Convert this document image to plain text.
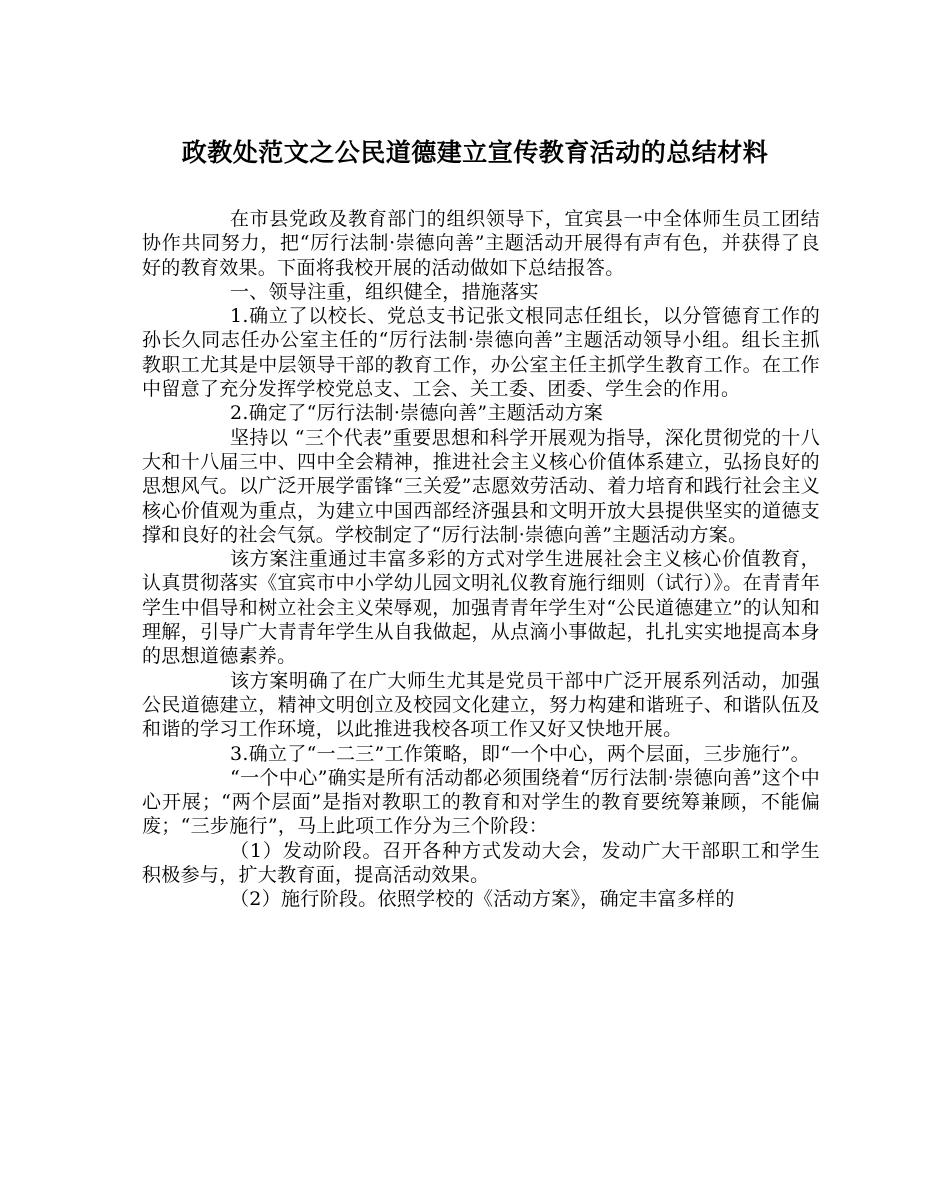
政教处范文之公民道德建立宣传教育活动的总结材料

在市县党政及教育部门的组织领导下，宜宾县一中全体师生员工团结协作共同努力，把“厉行法制·崇德向善”主题活动开展得有声有色，并获得了良好的教育效果。下面将我校开展的活动做如下总结报答。

一、领导注重，组织健全，措施落实

1.确立了以校长、党总支书记张文根同志任组长，以分管德育工作的孙长久同志任办公室主任的“厉行法制·崇德向善”主题活动领导小组。组长主抓教职工尤其是中层领导干部的教育工作，办公室主任主抓学生教育工作。在工作中留意了充分发挥学校党总支、工会、关工委、团委、学生会的作用。

2.确定了“厉行法制·崇德向善”主题活动方案

坚持以 “三个代表”重要思想和科学开展观为指导，深化贯彻党的十八大和十八届三中、四中全会精神，推进社会主义核心价值体系建立，弘扬良好的思想风气。以广泛开展学雷锋“三关爱”志愿效劳活动、着力培育和践行社会主义核心价值观为重点，为建立中国西部经济强县和文明开放大县提供坚实的道德支撑和良好的社会气氛。学校制定了“厉行法制·崇德向善”主题活动方案。

该方案注重通过丰富多彩的方式对学生进展社会主义核心价值教育，认真贯彻落实《宜宾市中小学幼儿园文明礼仪教育施行细则（试行）》。在青青年学生中倡导和树立社会主义荣辱观，加强青青年学生对“公民道德建立”的认知和理解，引导广大青青年学生从自我做起，从点滴小事做起，扎扎实实地提高本身的思想道德素养。

该方案明确了在广大师生尤其是党员干部中广泛开展系列活动，加强公民道德建立，精神文明创立及校园文化建立，努力构建和谐班子、和谐队伍及和谐的学习工作环境，以此推进我校各项工作又好又快地开展。

3.确立了“一二三”工作策略，即“一个中心，两个层面，三步施行”。

“一个中心”确实是所有活动都必须围绕着“厉行法制·崇德向善”这个中心开展；“两个层面”是指对教职工的教育和对学生的教育要统筹兼顾，不能偏废；“三步施行”，马上此项工作分为三个阶段：

（1）发动阶段。召开各种方式发动大会，发动广大干部职工和学生积极参与，扩大教育面，提高活动效果。

（2）施行阶段。依照学校的《活动方案》，确定丰富多样的
